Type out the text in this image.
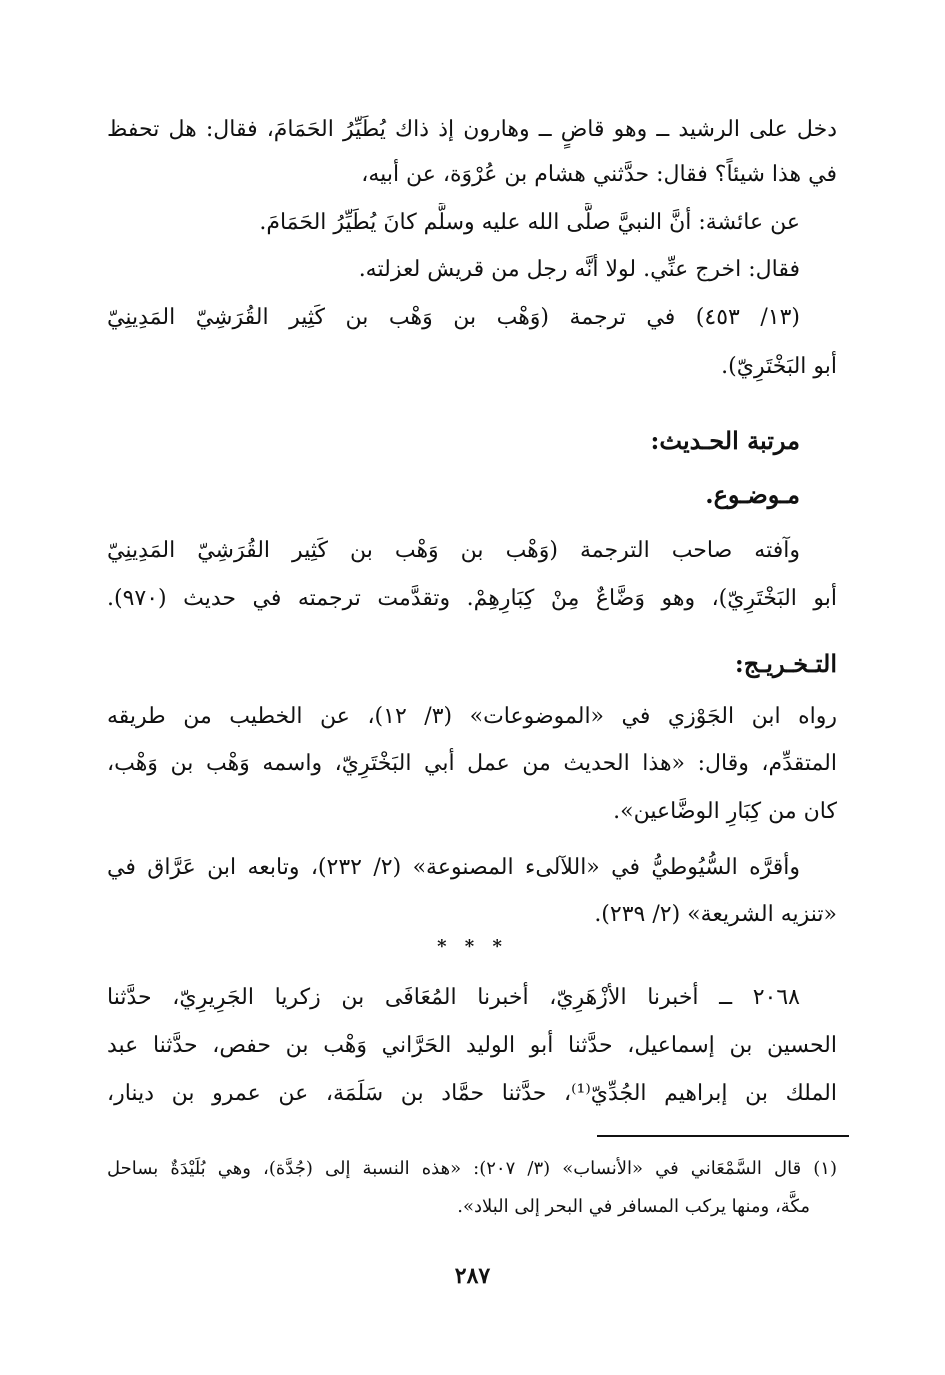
دخل على الرشيد ــ وهو قاضٍ ــ وهارون إذ ذاك يُطَيِّرُ الحَمَامَ، فقال: هل تحفظ
في هذا شيئاً؟ فقال: حدَّثني هشام بن عُرْوَة، عن أبيه،
عن عائشة: أنَّ النبيَّ صلَّى الله عليه وسلَّم كانَ يُطَيِّرُ الحَمَامَ.
فقال: اخرج عنِّي. لولا أنَّه رجل من قريش لعزلته.
(١٣/ ٤٥٣) في ترجمة (وَهْب بن وَهْب بن كَثِير القُرَشِيّ المَدِينِيّ
أبو البَخْتَرِيّ).
مرتبة الحـديث:
مـوضـوع.
وآفته صاحب الترجمة (وَهْب بن وَهْب بن كَثِير القُرَشِيّ المَدِينِيّ
أبو البَخْتَرِيّ)، وهو وَضَّاعٌ مِنْ كِبَارِهِمْ. وتقدَّمت ترجمته في حديث (٩٧٠).
التـخـريـج:
رواه ابن الجَوْزي في «الموضوعات» (٣/ ١٢)، عن الخطيب من طريقه
المتقدِّم، وقال: «هذا الحديث من عمل أبي البَخْتَرِيّ، واسمه وَهْب بن وَهْب،
كان من كِبَارِ الوضَّاعين».
وأقرَّه السُّيُوطيُّ في «اللآلىء المصنوعة» (٢/ ٢٣٢)، وتابعه ابن عَرَّاق في
«تنزيه الشريعة» (٢/ ٢٣٩).
* * *
٢٠٦٨ ــ أخبرنا الأزْهَرِيّ، أخبرنا المُعَافَى بن زكريا الجَرِيرِيّ، حدَّثنا
الحسين بن إسماعيل، حدَّثنا أبو الوليد الحَرَّاني وَهْب بن حفص، حدَّثنا عبد
الملك بن إبراهيم الجُدِّيّ⁽¹⁾، حدَّثنا حمَّاد بن سَلَمَة، عن عمرو بن دينار،
(١) قال السَّمْعَاني في «الأنساب» (٣/ ٢٠٧): «هذه النسبة إلى (جُدَّة)، وهي بُلَيْدَةٌ بساحل
مكَّة، ومنها يركب المسافر في البحر إلى البلاد».
٢٨٧
